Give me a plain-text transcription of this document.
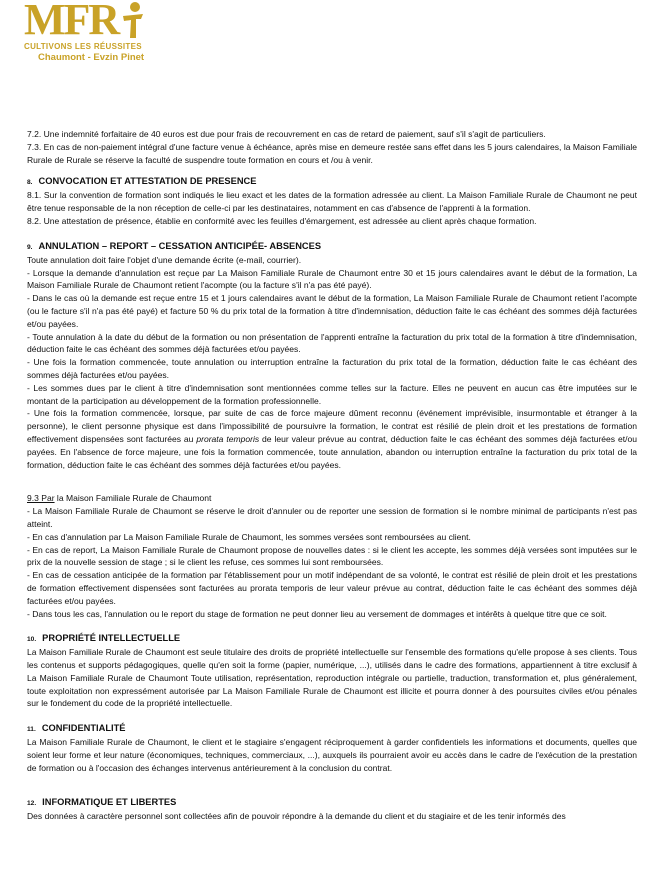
MFR
CULTIVONS LES RÉUSSITES
Chaumont - Evzin Pinet

7.2. Une indemnité forfaitaire de 40 euros est due pour frais de recouvrement en cas de retard de paiement, sauf s'il s'agit de particuliers.

7.3. En cas de non-paiement intégral d'une facture venue à échéance, après mise en demeure restée sans effet dans les 5 jours calendaires, la Maison Familiale Rurale de Rurale se réserve la faculté de suspendre toute formation en cours et /ou à venir.

8. CONVOCATION ET ATTESTATION DE PRESENCE

8.1. Sur la convention de formation sont indiqués le lieu exact et les dates de la formation adressée au client. La Maison Familiale Rurale de Chaumont ne peut être tenue responsable de la non réception de celle-ci par les destinataires, notamment en cas d'absence de l'apprenti à la formation.

8.2. Une attestation de présence, établie en conformité avec les feuilles d'émargement, est adressée au client après chaque formation.

9. ANNULATION – REPORT – CESSATION ANTICIPÉE- ABSENCES

Toute annulation doit faire l'objet d'une demande écrite (e-mail, courrier).

- Lorsque la demande d'annulation est reçue par La Maison Familiale Rurale de Chaumont entre 30 et 15 jours calendaires avant le début de la formation, La Maison Familiale Rurale de Chaumont retient l'acompte (ou la facture s'il n'a pas été payé).

- Dans le cas où la demande est reçue entre 15 et 1 jours calendaires avant le début de la formation, La Maison Familiale Rurale de Chaumont retient l'acompte (ou le facture s'il n'a pas été payé) et facture 50 % du prix total de la formation à titre d'indemnisation, déduction faite le cas échéant des sommes déjà facturées et/ou payées.

- Toute annulation à la date du début de la formation ou non présentation de l'apprenti entraîne la facturation du prix total de la formation à titre d'indemnisation, déduction faite le cas échéant des sommes déjà facturées et/ou payées.

- Une fois la formation commencée, toute annulation ou interruption entraîne la facturation du prix total de la formation, déduction faite le cas échéant des sommes déjà facturées et/ou payées.

- Les sommes dues par le client à titre d'indemnisation sont mentionnées comme telles sur la facture. Elles ne peuvent en aucun cas être imputées sur le montant de la participation au développement de la formation professionnelle.

- Une fois la formation commencée, lorsque, par suite de cas de force majeure dûment reconnu (événement imprévisible, insurmontable et étranger à la personne), le client personne physique est dans l'impossibilité de poursuivre la formation, le contrat est résilié de plein droit et les prestations de formation effectivement dispensées sont facturées au prorata temporis de leur valeur prévue au contrat, déduction faite le cas échéant des sommes déjà facturées et/ou payées. En l'absence de force majeure, une fois la formation commencée, toute annulation, abandon ou interruption entraîne la facturation du prix total de la formation, déduction faite le cas échéant des sommes déjà facturées et/ou payées.

9.3 Par la Maison Familiale Rurale de Chaumont

- La Maison Familiale Rurale de Chaumont se réserve le droit d'annuler ou de reporter une session de formation si le nombre minimal de participants n'est pas atteint.

- En cas d'annulation par La Maison Familiale Rurale de Chaumont, les sommes versées sont remboursées au client.

- En cas de report, La Maison Familiale Rurale de Chaumont propose de nouvelles dates : si le client les accepte, les sommes déjà versées sont imputées sur le prix de la nouvelle session de stage ; si le client les refuse, ces sommes lui sont remboursées.

- En cas de cessation anticipée de la formation par l'établissement pour un motif indépendant de sa volonté, le contrat est résilié de plein droit et les prestations de formation effectivement dispensées sont facturées au prorata temporis de leur valeur prévue au contrat, déduction faite le cas échéant des sommes déjà facturées et/ou payées.

- Dans tous les cas, l'annulation ou le report du stage de formation ne peut donner lieu au versement de dommages et intérêts à quelque titre que ce soit.

10. PROPRIÉTÉ INTELLECTUELLE

La Maison Familiale Rurale de Chaumont est seule titulaire des droits de propriété intellectuelle sur l'ensemble des formations qu'elle propose à ses clients. Tous les contenus et supports pédagogiques, quelle qu'en soit la forme (papier, numérique, ...), utilisés dans le cadre des formations, appartiennent à titre exclusif à La Maison Familiale Rurale de Chaumont Toute utilisation, représentation, reproduction intégrale ou partielle, traduction, transformation et, plus généralement, toute exploitation non expressément autorisée par La Maison Familiale Rurale de Chaumont est illicite et pourra donner à des poursuites civiles et/ou pénales sur le fondement du code de la propriété intellectuelle.

11. CONFIDENTIALITÉ

La Maison Familiale Rurale de Chaumont, le client et le stagiaire s'engagent réciproquement à garder confidentiels les informations et documents, quelles que soient leur forme et leur nature (économiques, techniques, commerciaux, ...), auxquels ils pourraient avoir eu accès dans le cadre de l'exécution de la prestation de formation ou à l'occasion des échanges intervenus antérieurement à la conclusion du contrat.

12. INFORMATIQUE ET LIBERTES

Des données à caractère personnel sont collectées afin de pouvoir répondre à la demande du client et du stagiaire et de les tenir informés des
